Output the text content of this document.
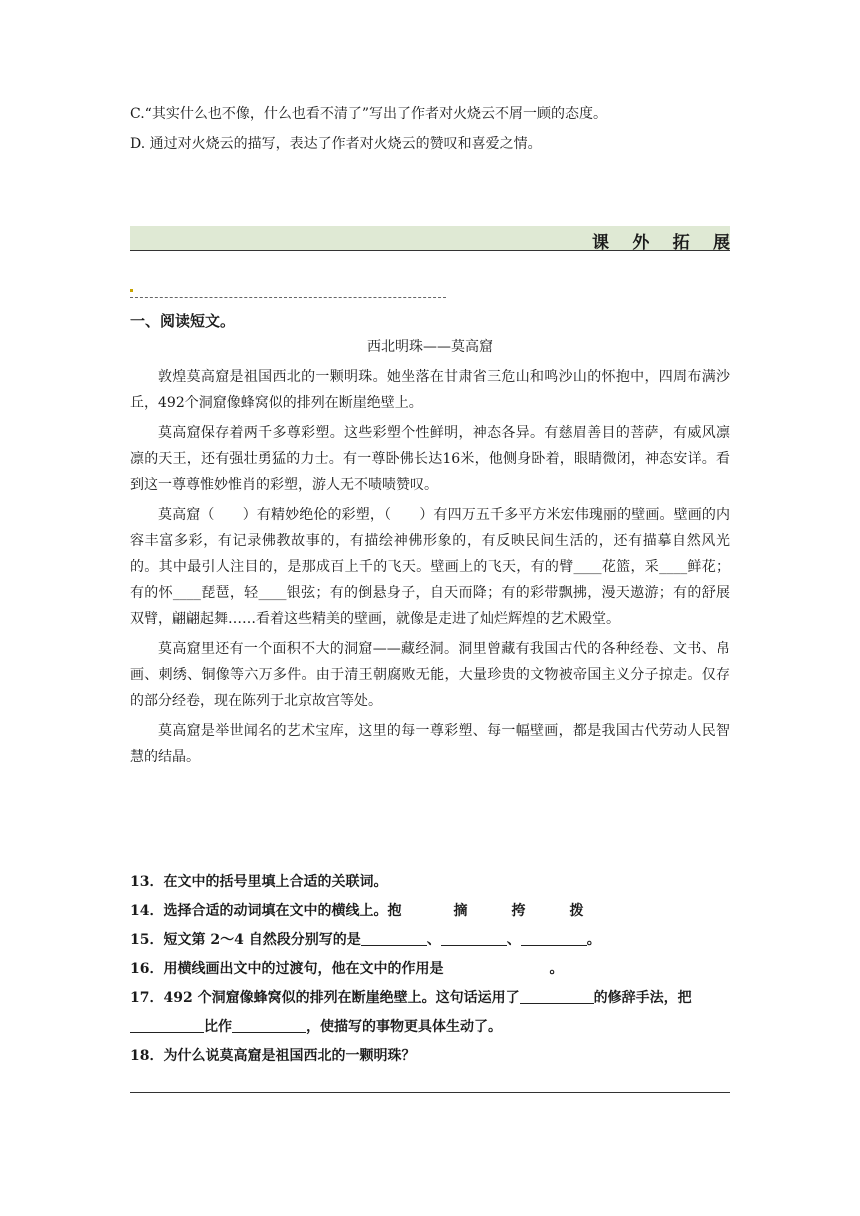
C.“其实什么也不像，什么也看不清了”写出了作者对火烧云不屑一顾的态度。
D. 通过对火烧云的描写，表达了作者对火烧云的赞叹和喜爱之情。
课 外 拓 展
一、阅读短文。
西北明珠——莫高窟

敦煌莫高窟是祖国西北的一颗明珠。她坐落在甘肃省三危山和鸣沙山的怀抱中，四周布满沙丘，492个洞窟像蜂窝似的排列在断崖绝壁上。

莫高窟保存着两千多尊彩塑。这些彩塑个性鲜明，神态各异。有慈眉善目的菩萨，有威风凛凛的天王，还有强壮勇猛的力士。有一尊卧佛长达16米，他侧身卧着，眼睛微闭，神态安详。看到这一尊尊惟妙惟肖的彩塑，游人无不啧啧赞叹。

莫高窟（　　）有精妙绝伦的彩塑，（　　）有四万五千多平方米宏伟瑰丽的壁画。壁画的内容丰富多彩，有记录佛教故事的，有描绘神佛形象的，有反映民间生活的，还有描摹自然风光的。其中最引人注目的，是那成百上千的飞天。壁画上的飞天，有的臂____花篮，采____鲜花；有的怀____琵琶，轻____银弦；有的倒悬身子，自天而降；有的彩带飘拂，漫天遨游；有的舒展双臂，翩翩起舞……看着这些精美的壁画，就像是走进了灿烂辉煌的艺术殿堂。

莫高窟里还有一个面积不大的洞窟——藏经洞。洞里曾藏有我国古代的各种经卷、文书、帛画、刺绣、铜像等六万多件。由于清王朝腐败无能，大量珍贵的文物被帝国主义分子掠走。仅存的部分经卷，现在陈列于北京故宫等处。

莫高窟是举世闻名的艺术宝库，这里的每一尊彩塑、每一幅壁画，都是我国古代劳动人民智慧的结晶。

13．在文中的括号里填上合适的关联词。
14．选择合适的动词填在文中的横线上。抱	摘	挎	拨
15．短文第 2～4 自然段分别写的是	、	、	。
16．用横线画出文中的过渡句，他在文中的作用是	。
17．492 个洞窟像蜂窝似的排列在断崖绝壁上。这句话运用了	的修辞手法，把
比作	，使描写的事物更具体生动了。
18．为什么说莫高窟是祖国西北的一颗明珠？
